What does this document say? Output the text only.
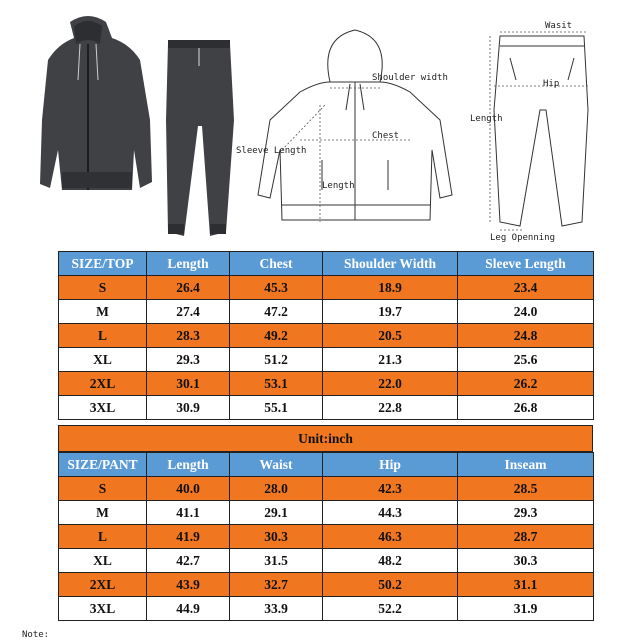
Shoulder width
Chest
Sleeve Length
Length
Wasit
Hip
Length
Leg Openning
SIZE/TOP	Length	Chest	Shoulder Width	Sleeve Length
S	26.4	45.3	18.9	23.4
M	27.4	47.2	19.7	24.0
L	28.3	49.2	20.5	24.8
XL	29.3	51.2	21.3	25.6
2XL	30.1	53.1	22.0	26.2
3XL	30.9	55.1	22.8	26.8
Unit:inch
SIZE/PANT	Length	Waist	Hip	Inseam
S	40.0	28.0	42.3	28.5
M	41.1	29.1	44.3	29.3
L	41.9	30.3	46.3	28.7
XL	42.7	31.5	48.2	30.3
2XL	43.9	32.7	50.2	31.1
3XL	44.9	33.9	52.2	31.9
Note:
